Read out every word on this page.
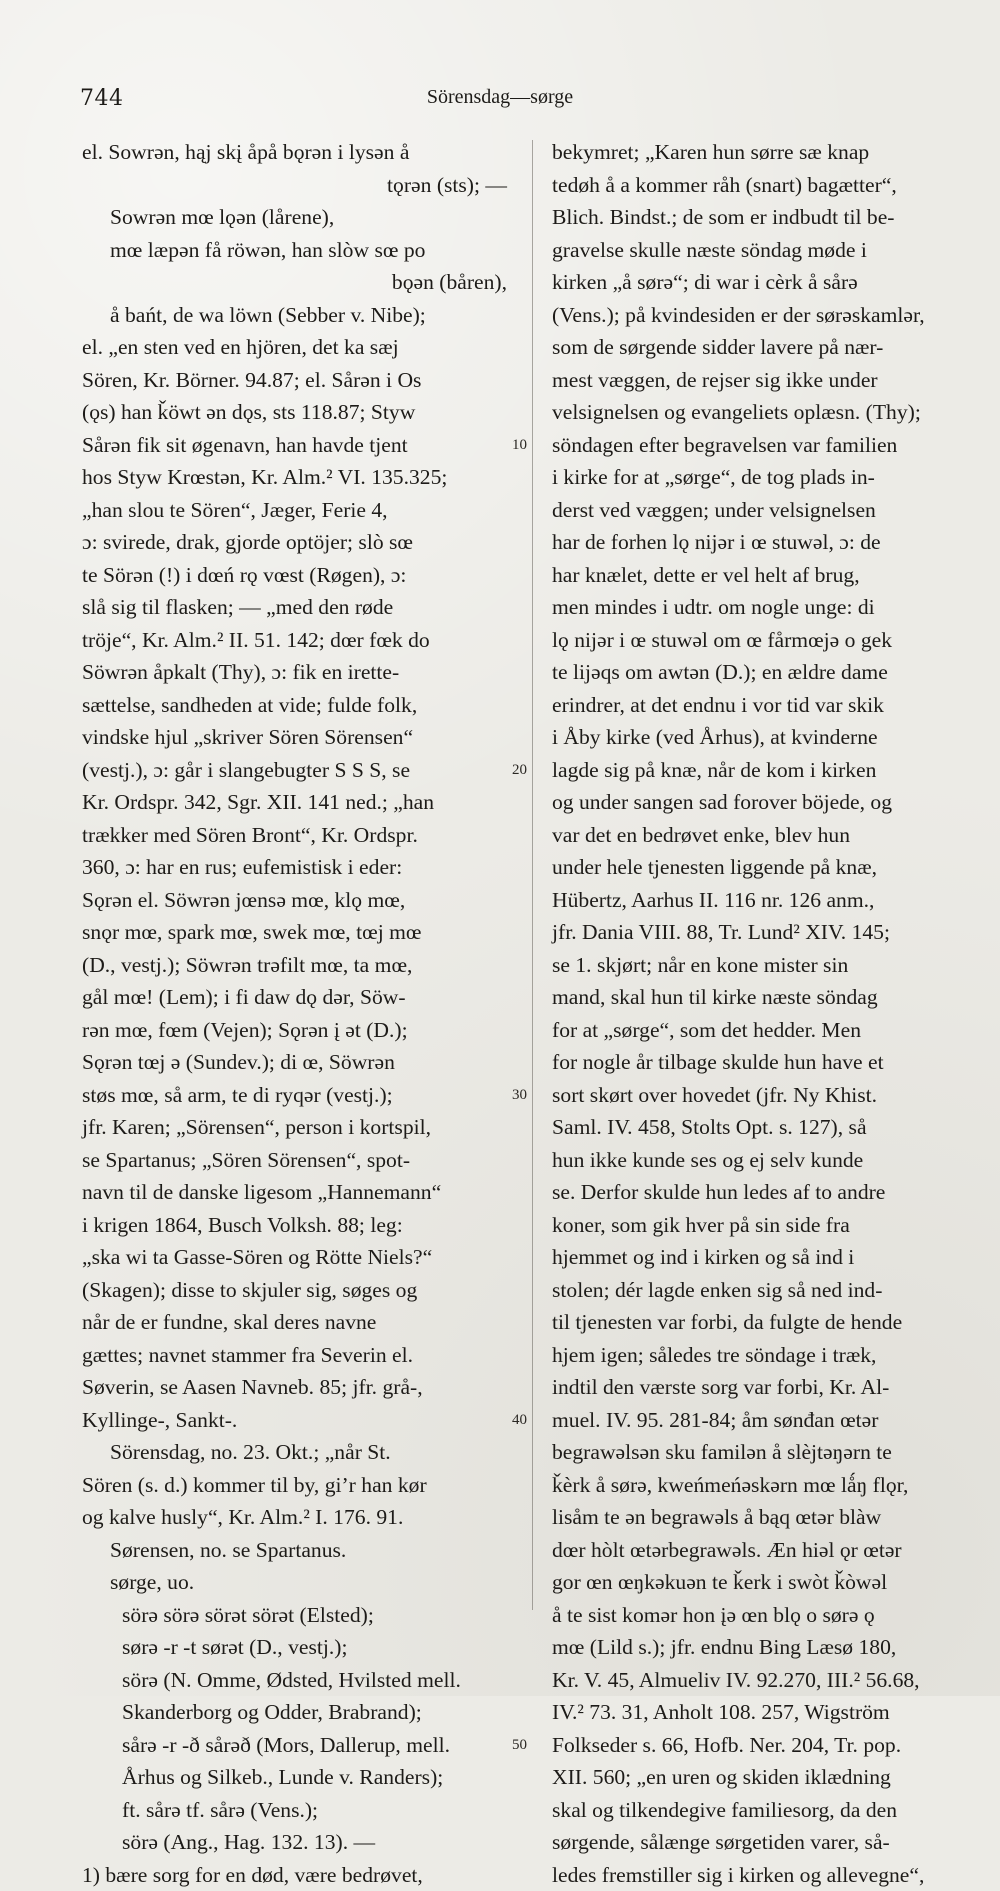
744	Sörensdag—sørge
el. Sowrən, hąj skį åpå bǫrən i lysən å
tǫrən (sts); —
Sowrən mœ lǫən (lårene),
mœ læpən få röwən, han slòw sœ po
bǫən (båren),
å bańt, de wa löwn (Sebber v. Nibe);
el. „en sten ved en hjören, det ka sæj
Sören, Kr. Börner. 94.87; el. Sårən i Os
(ǫs) han ǩöwt ən dǫs, sts 118.87; Styw
Sårən fik sit øgenavn, han havde tjent
hos Styw Krœstən, Kr. Alm.² VI. 135.325;
„han slou te Sören“, Jæger, Ferie 4,
ɔ: svirede, drak, gjorde optöjer; slò sœ
te Sörən (!) i dœń rǫ vœst (Røgen), ɔ:
slå sig til flasken; — „med den røde
tröje“, Kr. Alm.² II. 51. 142; dœr fœk do
Söwrən åpkalt (Thy), ɔ: fik en irette-
sættelse, sandheden at vide; fulde folk,
vindske hjul „skriver Sören Sörensen“
(vestj.), ɔ: går i slangebugter S S S, se
Kr. Ordspr. 342, Sgr. XII. 141 ned.; „han
trækker med Sören Bront“, Kr. Ordspr.
360, ɔ: har en rus; eufemistisk i eder:
Sǫrən el. Söwrən jœnsə mœ, klǫ mœ,
snǫr mœ, spark mœ, swek mœ, tœj mœ
(D., vestj.); Söwrən trəfilt mœ, ta mœ,
gål mœ! (Lem); i fi daw dǫ dər, Söw-
rən mœ, fœm (Vejen); Sǫrən į ət (D.);
Sǫrən tœj ə (Sundev.); di œ, Söwrən
støs mœ, så arm, te di ryqər (vestj.);
jfr. Karen; „Sörensen“, person i kortspil,
se Spartanus; „Sören Sörensen“, spot-
navn til de danske ligesom „Hannemann“
i krigen 1864, Busch Volksh. 88; leg:
„ska wi ta Gasse-Sören og Rötte Niels?“
(Skagen); disse to skjuler sig, søges og
når de er fundne, skal deres navne
gættes; navnet stammer fra Severin el.
Søverin, se Aasen Navneb. 85; jfr. grå-,
Kyllinge-, Sankt-.
Sörensdag, no. 23. Okt.; „når St.
Sören (s. d.) kommer til by, gi’r han kør
og kalve husly“, Kr. Alm.² I. 176. 91.
Sørensen, no. se Spartanus.
sørge, uo.
sörə sörə sörət sörət (Elsted);
sørə -r -t sørət (D., vestj.);
sörə (N. Omme, Ødsted, Hvilsted mell.
Skanderborg og Odder, Brabrand);
sårə -r -ð sårəð (Mors, Dallerup, mell.
Århus og Silkeb., Lunde v. Randers);
ft. sårə tf. sårə (Vens.);
sörə (Ang., Hag. 132. 13). —
1) bære sorg for en død, være bedrøvet,
bekymret; „Karen hun sørre sæ knap
tedøh å a kommer råh (snart) bagætter“,
Blich. Bindst.; de som er indbudt til be-
gravelse skulle næste söndag møde i
kirken „å sørə“; di war i cèrk å sårə
(Vens.); på kvindesiden er der sørəskamlər,
som de sørgende sidder lavere på nær-
mest væggen, de rejser sig ikke under
velsignelsen og evangeliets oplæsn. (Thy);
söndagen efter begravelsen var familien
i kirke for at „sørge“, de tog plads in-
derst ved væggen; under velsignelsen
har de forhen lǫ nijər i œ stuwəl, ɔ: de
har knælet, dette er vel helt af brug,
men mindes i udtr. om nogle unge: di
lǫ nijər i œ stuwəl om œ fårmœjə o gek
te lijəqs om awtən (D.); en ældre dame
erindrer, at det endnu i vor tid var skik
i Åby kirke (ved Århus), at kvinderne
lagde sig på knæ, når de kom i kirken
og under sangen sad forover böjede, og
var det en bedrøvet enke, blev hun
under hele tjenesten liggende på knæ,
Hübertz, Aarhus II. 116 nr. 126 anm.,
jfr. Dania VIII. 88, Tr. Lund² XIV. 145;
se 1. skjørt; når en kone mister sin
mand, skal hun til kirke næste söndag
for at „sørge“, som det hedder. Men
for nogle år tilbage skulde hun have et
sort skørt over hovedet (jfr. Ny Khist.
Saml. IV. 458, Stolts Opt. s. 127), så
hun ikke kunde ses og ej selv kunde
se. Derfor skulde hun ledes af to andre
koner, som gik hver på sin side fra
hjemmet og ind i kirken og så ind i
stolen; dér lagde enken sig så ned ind-
til tjenesten var forbi, da fulgte de hende
hjem igen; således tre söndage i træk,
indtil den værste sorg var forbi, Kr. Al-
muel. IV. 95. 281-84; åm sønđan œtər
begrawəlsən sku familən å slèjtəŋərn te
ǩèrk å sørə, kweńmeńəskərn mœ lǻŋ flǫr,
lisåm te ən begrawəls å bąq œtər blàw
dœr hòlt œtərbegrawəls. Æn hiəl ǫr œtər
gor œn œŋkəkuən te ǩerk i swòt ǩòwəl
å te sist komər hon įə œn blǫ o sørə ǫ
mœ (Lild s.); jfr. endnu Bing Læsø 180,
Kr. V. 45, Almueliv IV. 92.270, III.² 56.68,
IV.² 73. 31, Anholt 108. 257, Wigström
Folkseder s. 66, Hofb. Ner. 204, Tr. pop.
XII. 560; „en uren og skiden iklædning
skal og tilkendegive familiesorg, da den
sørgende, sålænge sørgetiden varer, så-
ledes fremstiller sig i kirken og allevegne“,
10
20
30
40
50
